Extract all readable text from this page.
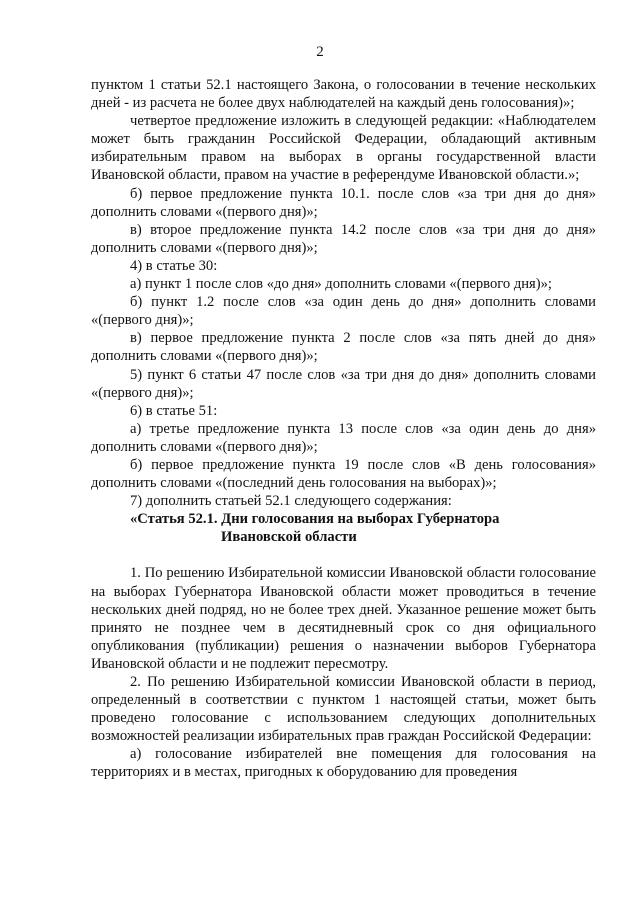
2

пунктом 1 статьи 52.1 настоящего Закона, о голосовании в течение нескольких дней - из расчета не более двух наблюдателей на каждый день голосования)»;

четвертое предложение изложить в следующей редакции: «Наблюдателем может быть гражданин Российской Федерации, обладающий активным избирательным правом на выборах в органы государственной власти Ивановской области, правом на участие в референдуме Ивановской области.»;

б) первое предложение пункта 10.1. после слов «за три дня до дня» дополнить словами «(первого дня)»;

в) второе предложение пункта 14.2 после слов «за три дня до дня» дополнить словами «(первого дня)»;

4) в статье 30:

а) пункт 1 после слов «до дня» дополнить словами «(первого дня)»;

б) пункт 1.2 после слов «за один день до дня» дополнить словами «(первого дня)»;

в) первое предложение пункта 2 после слов «за пять дней до дня» дополнить словами «(первого дня)»;

5) пункт 6 статьи 47 после слов «за три дня до дня» дополнить словами «(первого дня)»;

6) в статье 51:

а) третье предложение пункта 13 после слов «за один день до дня» дополнить словами «(первого дня)»;

б) первое предложение пункта 19 после слов «В день голосования» дополнить словами «(последний день голосования на выборах)»;

7) дополнить статьей 52.1 следующего содержания:

«Статья 52.1. Дни голосования на выборах Губернатора

Ивановской области

1. По решению Избирательной комиссии Ивановской области голосование на выборах Губернатора Ивановской области может проводиться в течение нескольких дней подряд, но не более трех дней. Указанное решение может быть принято не позднее чем в десятидневный срок со дня официального опубликования (публикации) решения о назначении выборов Губернатора Ивановской области и не подлежит пересмотру.

2. По решению Избирательной комиссии Ивановской области в период, определенный в соответствии с пунктом 1 настоящей статьи, может быть проведено голосование с использованием следующих дополнительных возможностей реализации избирательных прав граждан Российской Федерации:

а) голосование избирателей вне помещения для голосования на территориях и в местах, пригодных к оборудованию для проведения
